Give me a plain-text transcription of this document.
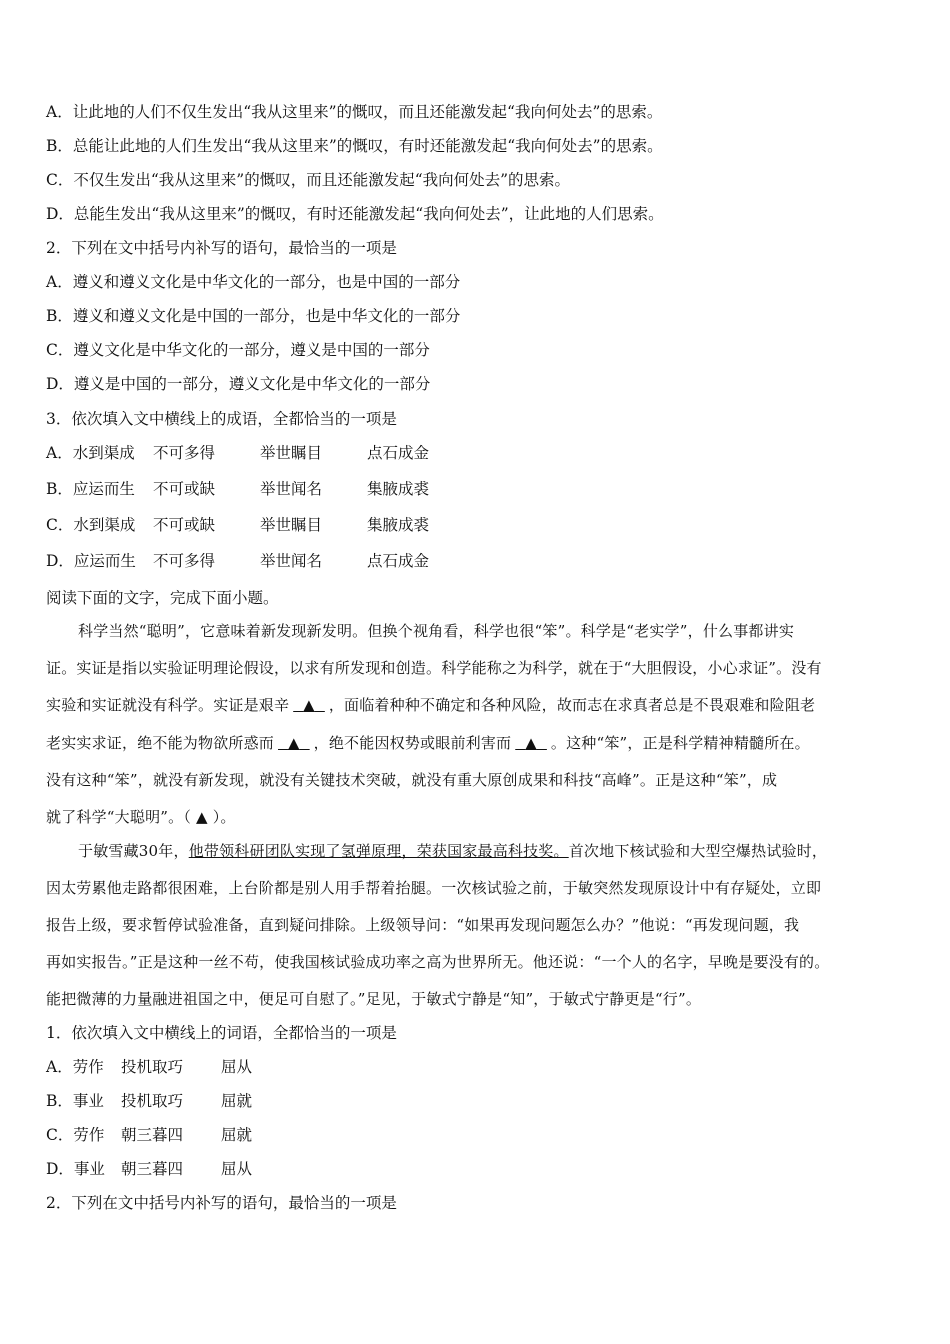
A．让此地的人们不仅生发出“我从这里来”的慨叹，而且还能激发起“我向何处去”的思索。
B．总能让此地的人们生发出“我从这里来”的慨叹，有时还能激发起“我向何处去”的思索。
C．不仅生发出“我从这里来”的慨叹，而且还能激发起“我向何处去”的思索。
D．总能生发出“我从这里来”的慨叹，有时还能激发起“我向何处去”，让此地的人们思索。
2．下列在文中括号内补写的语句，最恰当的一项是
A．遵义和遵义文化是中华文化的一部分，也是中国的一部分
B．遵义和遵义文化是中国的一部分，也是中华文化的一部分
C．遵义文化是中华文化的一部分，遵义是中国的一部分
D．遵义是中国的一部分，遵义文化是中华文化的一部分
3．依次填入文中横线上的成语，全都恰当的一项是
A．水到渠成 不可多得	举世瞩目	点石成金
B．应运而生 不可或缺	举世闻名	集腋成裘
C．水到渠成 不可或缺	举世瞩目	集腋成裘
D．应运而生 不可多得	举世闻名	点石成金
阅读下面的文字，完成下面小题。
科学当然“聪明”，它意味着新发现新发明。但换个视角看，科学也很“笨”。科学是“老实学”，什么事都讲实
证。实证是指以实验证明理论假设，以求有所发现和创造。科学能称之为科学，就在于“大胆假设，小心求证”。没有
实验和实证就没有科学。实证是艰辛 ▲ ，面临着种种不确定和各种风险，故而志在求真者总是不畏艰难和险阻老
老实实求证，绝不能为物欲所惑而 ▲ ，绝不能因权势或眼前利害而 ▲ 。这种“笨”，正是科学精神精髓所在。
没有这种“笨”，就没有新发现，就没有关键技术突破，就没有重大原创成果和科技“高峰”。正是这种“笨”，成
就了科学“大聪明”。（ ▲ ）。
于敏雪藏30年，他带领科研团队实现了氢弹原理，荣获国家最高科技奖。首次地下核试验和大型空爆热试验时，
因太劳累他走路都很困难，上台阶都是别人用手帮着抬腿。一次核试验之前，于敏突然发现原设计中有存疑处，立即
报告上级，要求暂停试验准备，直到疑问排除。上级领导问：“如果再发现问题怎么办？”他说：“再发现问题，我
再如实报告。”正是这种一丝不苟，使我国核试验成功率之高为世界所无。他还说：“一个人的名字，早晚是要没有的。
能把微薄的力量融进祖国之中，便足可自慰了。”足见，于敏式宁静是“知”，于敏式宁静更是“行”。
1．依次填入文中横线上的词语，全都恰当的一项是
A．劳作 投机取巧 屈从
B．事业 投机取巧 屈就
C．劳作 朝三暮四 屈就
D．事业 朝三暮四 屈从
2．下列在文中括号内补写的语句，最恰当的一项是
